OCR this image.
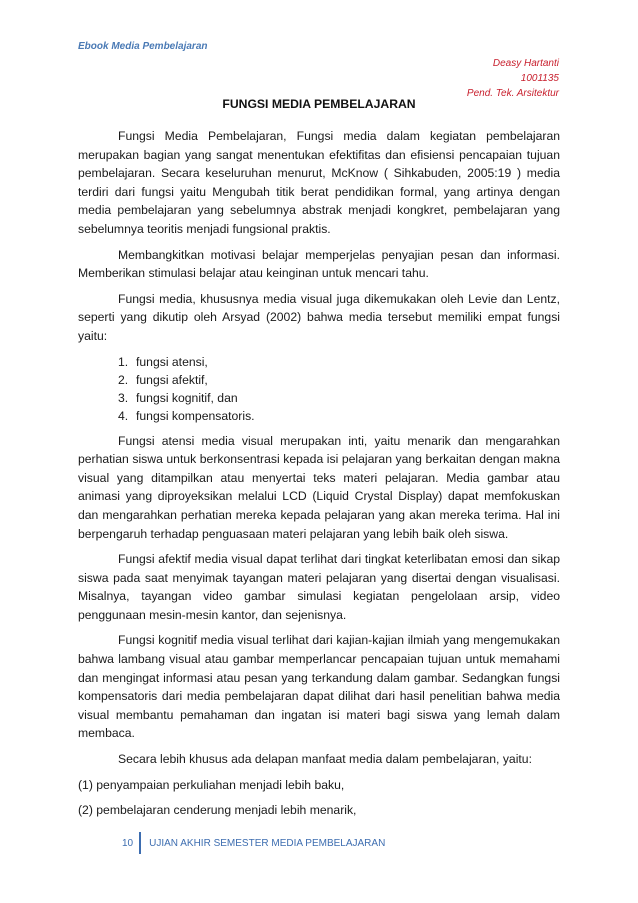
Ebook Media Pembelajaran
Deasy Hartanti
1001135
Pend. Tek. Arsitektur
FUNGSI MEDIA PEMBELAJARAN

Fungsi Media Pembelajaran, Fungsi media dalam kegiatan pembelajaran merupakan bagian yang sangat menentukan efektifitas dan efisiensi pencapaian tujuan pembelajaran. Secara keseluruhan menurut, McKnow ( Sihkabuden, 2005:19 ) media terdiri dari fungsi yaitu Mengubah titik berat pendidikan formal, yang artinya dengan media pembelajaran yang sebelumnya abstrak menjadi kongkret, pembelajaran yang sebelumnya teoritis menjadi fungsional praktis.

Membangkitkan motivasi belajar memperjelas penyajian pesan dan informasi. Memberikan stimulasi belajar atau keinginan untuk mencari tahu.

Fungsi media, khususnya media visual juga dikemukakan oleh Levie dan Lentz, seperti yang dikutip oleh Arsyad (2002) bahwa media tersebut memiliki empat fungsi yaitu:

1. fungsi atensi,
2. fungsi afektif,
3. fungsi kognitif, dan
4. fungsi kompensatoris.

Fungsi atensi media visual merupakan inti, yaitu menarik dan mengarahkan perhatian siswa untuk berkonsentrasi kepada isi pelajaran yang berkaitan dengan makna visual yang ditampilkan atau menyertai teks materi pelajaran. Media gambar atau animasi yang diproyeksikan melalui LCD (Liquid Crystal Display) dapat memfokuskan dan mengarahkan perhatian mereka kepada pelajaran yang akan mereka terima. Hal ini berpengaruh terhadap penguasaan materi pelajaran yang lebih baik oleh siswa.

Fungsi afektif media visual dapat terlihat dari tingkat keterlibatan emosi dan sikap siswa pada saat menyimak tayangan materi pelajaran yang disertai dengan visualisasi. Misalnya, tayangan video gambar simulasi kegiatan pengelolaan arsip, video penggunaan mesin-mesin kantor, dan sejenisnya.

Fungsi kognitif media visual terlihat dari kajian-kajian ilmiah yang mengemukakan bahwa lambang visual atau gambar memperlancar pencapaian tujuan untuk memahami dan mengingat informasi atau pesan yang terkandung dalam gambar. Sedangkan fungsi kompensatoris dari media pembelajaran dapat dilihat dari hasil penelitian bahwa media visual membantu pemahaman dan ingatan isi materi bagi siswa yang lemah dalam membaca.

Secara lebih khusus ada delapan manfaat media dalam pembelajaran, yaitu:

(1) penyampaian perkuliahan menjadi lebih baku,

(2) pembelajaran cenderung menjadi lebih menarik,

10	UJIAN AKHIR SEMESTER MEDIA PEMBELAJARAN
